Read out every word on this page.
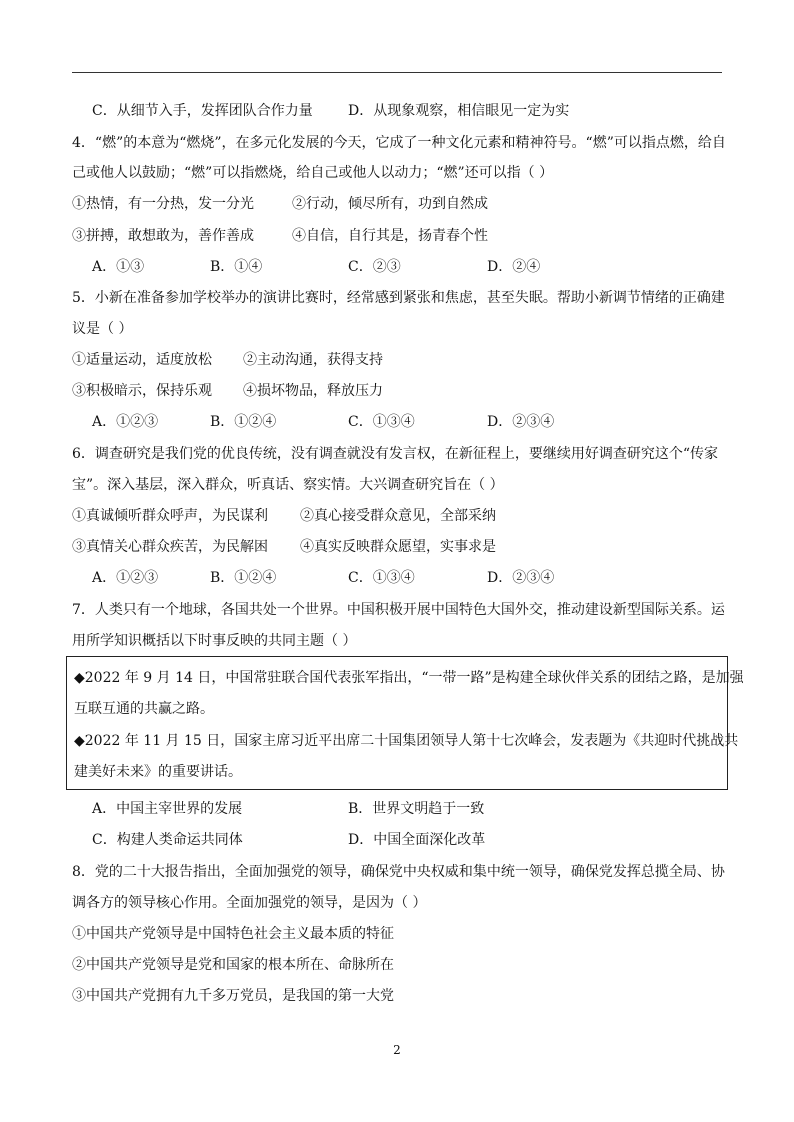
C．从细节入手，发挥团队合作力量	D．从现象观察，相信眼见一定为实
4．“燃”的本意为“燃烧”，在多元化发展的今天，它成了一种文化元素和精神符号。“燃”可以指点燃，给自
己或他人以鼓励；“燃”可以指燃烧，给自己或他人以动力；“燃”还可以指（ ）
①热情，有一分热，发一分光	②行动，倾尽所有，功到自然成
③拼搏，敢想敢为，善作善成	④自信，自行其是，扬青春个性
A．①③	B．①④	C．②③	D．②④
5．小新在准备参加学校举办的演讲比赛时，经常感到紧张和焦虑，甚至失眠。帮助小新调节情绪的正确建
议是（ ）
①适量运动，适度放松 ②主动沟通，获得支持
③积极暗示，保持乐观 ④损坏物品，释放压力
A．①②③	B．①②④	C．①③④	D．②③④
6．调查研究是我们党的优良传统，没有调查就没有发言权，在新征程上，要继续用好调查研究这个“传家
宝”。深入基层，深入群众，听真话、察实情。大兴调查研究旨在（ ）
①真诚倾听群众呼声，为民谋利 ②真心接受群众意见，全部采纳
③真情关心群众疾苦，为民解困 ④真实反映群众愿望，实事求是
A．①②③	B．①②④	C．①③④	D．②③④
7．人类只有一个地球，各国共处一个世界。中国积极开展中国特色大国外交，推动建设新型国际关系。运
用所学知识概括以下时事反映的共同主题（ ）
◆2022 年 9 月 14 日，中国常驻联合国代表张军指出，“一带一路”是构建全球伙伴关系的团结之路，是加强
互联互通的共赢之路。
◆2022 年 11 月 15 日，国家主席习近平出席二十国集团领导人第十七次峰会，发表题为《共迎时代挑战共
建美好未来》的重要讲话。
A．中国主宰世界的发展	B．世界文明趋于一致
C．构建人类命运共同体	D．中国全面深化改革
8．党的二十大报告指出，全面加强党的领导，确保党中央权威和集中统一领导，确保党发挥总揽全局、协
调各方的领导核心作用。全面加强党的领导，是因为（ ）
①中国共产党领导是中国特色社会主义最本质的特征
②中国共产党领导是党和国家的根本所在、命脉所在
③中国共产党拥有九千多万党员，是我国的第一大党
2
